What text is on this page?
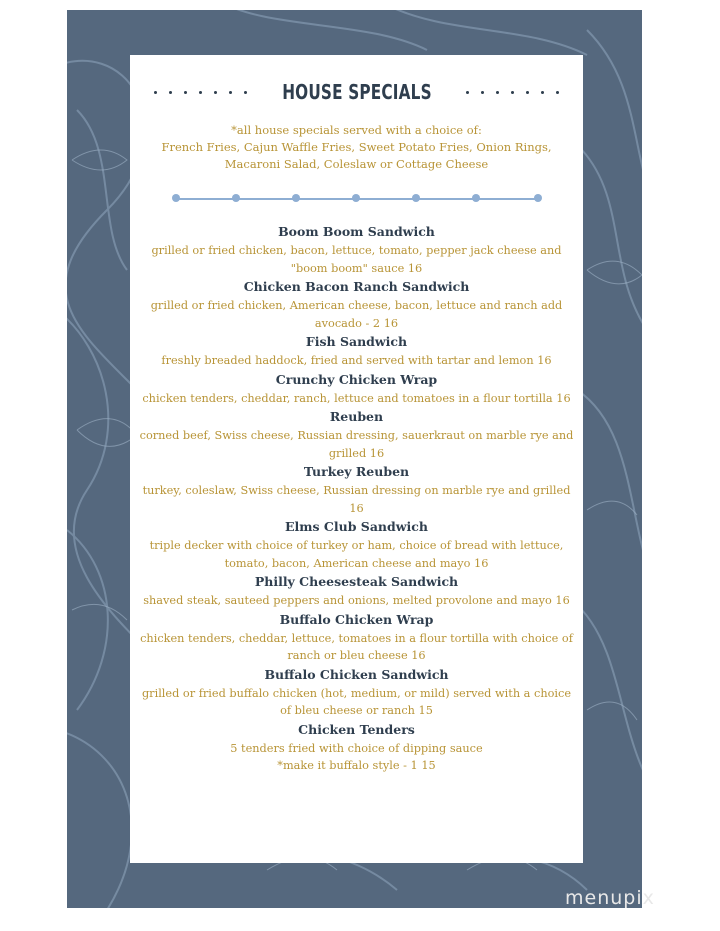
HOUSE SPECIALS
*all house specials served with a choice of:
French Fries, Cajun Waffle Fries, Sweet Potato Fries, Onion Rings,
Macaroni Salad, Coleslaw or Cottage Cheese
Boom Boom Sandwich
grilled or fried chicken, bacon, lettuce, tomato, pepper jack cheese and "boom boom" sauce 16
Chicken Bacon Ranch Sandwich
grilled or fried chicken, American cheese, bacon, lettuce and ranch add avocado - 2 16
Fish Sandwich
freshly breaded haddock, fried and served with tartar and lemon 16
Crunchy Chicken Wrap
chicken tenders, cheddar, ranch, lettuce and tomatoes in a flour tortilla 16
Reuben
corned beef, Swiss cheese, Russian dressing, sauerkraut on marble rye and grilled 16
Turkey Reuben
turkey, coleslaw, Swiss cheese, Russian dressing on marble rye and grilled 16
Elms Club Sandwich
triple decker with choice of turkey or ham, choice of bread with lettuce, tomato, bacon, American cheese and mayo 16
Philly Cheesesteak Sandwich
shaved steak, sauteed peppers and onions, melted provolone and mayo 16
Buffalo Chicken Wrap
chicken tenders, cheddar, lettuce, tomatoes in a flour tortilla with choice of ranch or bleu cheese 16
Buffalo Chicken Sandwich
grilled or fried buffalo chicken (hot, medium, or mild) served with a choice of bleu cheese or ranch 15
Chicken Tenders
5 tenders fried with choice of dipping sauce
*make it buffalo style - 1 15
menupix
